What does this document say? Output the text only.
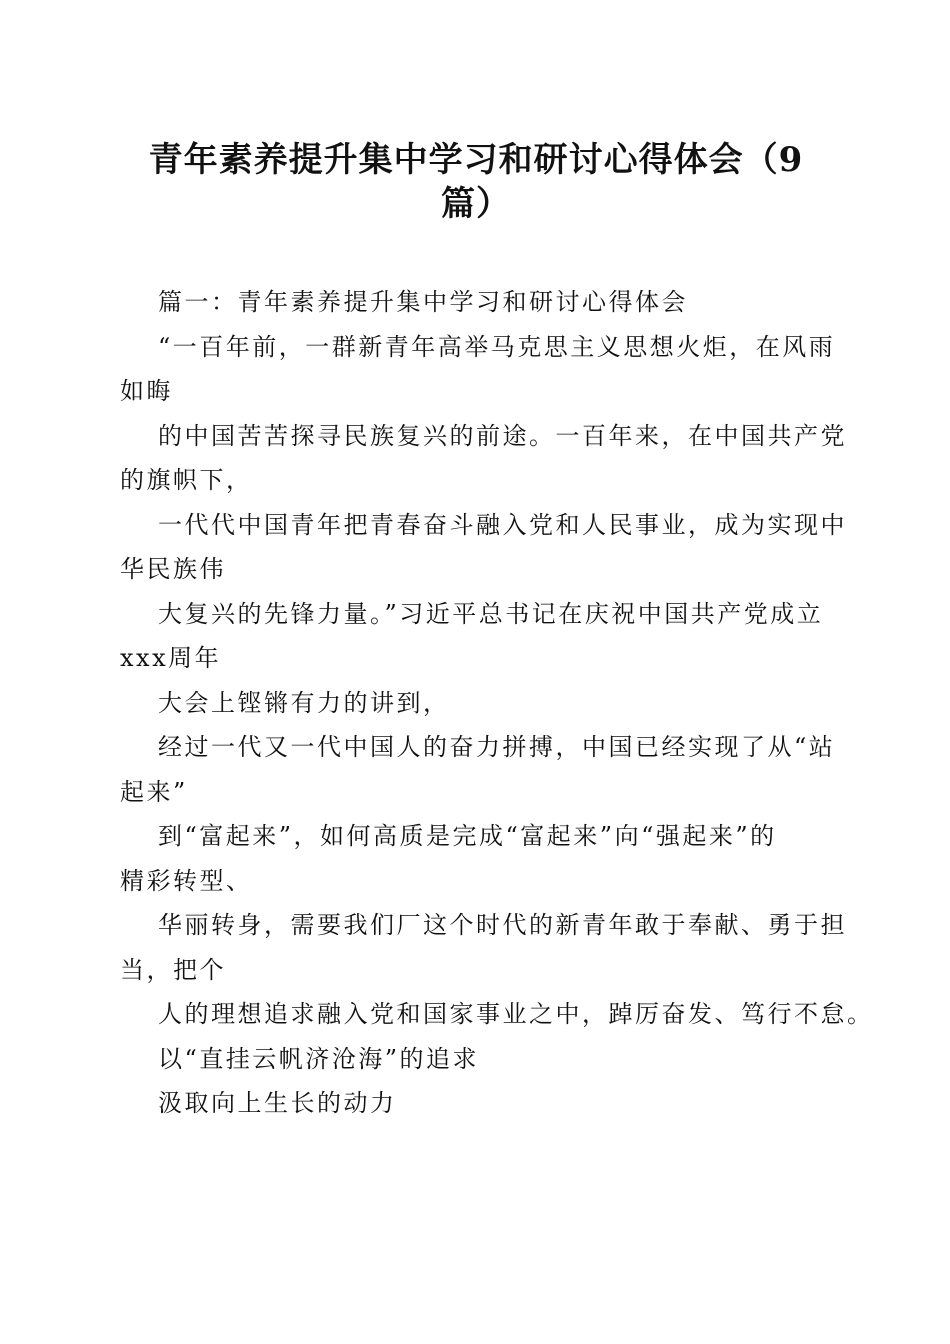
青年素养提升集中学习和研讨心得体会（9
篇）

篇一：青年素养提升集中学习和研讨心得体会

“一百年前，一群新青年高举马克思主义思想火炬，在风雨

如晦

的中国苦苦探寻民族复兴的前途。一百年来，在中国共产党

的旗帜下，

一代代中国青年把青春奋斗融入党和人民事业，成为实现中

华民族伟

大复兴的先锋力量。”习近平总书记在庆祝中国共产党成立

xxx周年

大会上铿锵有力的讲到，

经过一代又一代中国人的奋力拼搏，中国已经实现了从“站

起来”

到“富起来”，如何高质是完成“富起来”向“强起来”的

精彩转型、

华丽转身，需要我们厂这个时代的新青年敢于奉献、勇于担

当，把个

人的理想追求融入党和国家事业之中，踔厉奋发、笃行不怠。

以“直挂云帆济沧海”的追求

汲取向上生长的动力
